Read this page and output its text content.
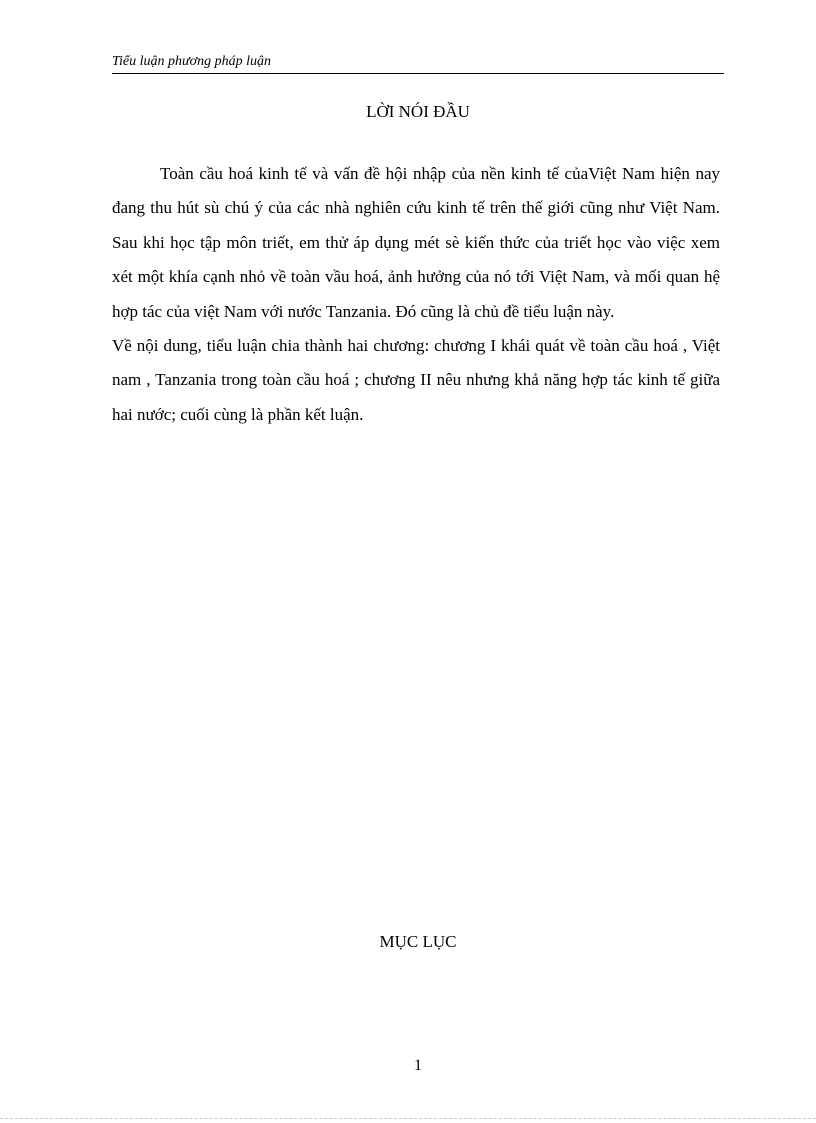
Tiểu luận phương pháp luận
LỜI NÓI ĐẦU

Toàn cầu hoá kinh tế và vấn đề hội nhập của nền kinh tế củaViệt Nam hiện nay đang thu hút sù chú ý của các nhà nghiên cứu kinh tế trên thế giới cũng như Việt Nam. Sau khi học tập môn triết, em thử áp dụng mét sè kiến thức của triết học vào việc xem xét một khía cạnh nhỏ về toàn vầu hoá, ảnh hưởng của nó tới Việt Nam, và mối quan hệ hợp tác của việt Nam với nước Tanzania. Đó cũng là chủ đề tiểu luận này.

Về nội dung, tiểu luận chia thành hai chương: chương I khái quát về toàn cầu hoá , Việt nam , Tanzania trong toàn cầu hoá ; chương II nêu nhưng khả năng hợp tác kinh tế giữa hai nước; cuối cùng là phần kết luận.

MỤC LỤC
1
